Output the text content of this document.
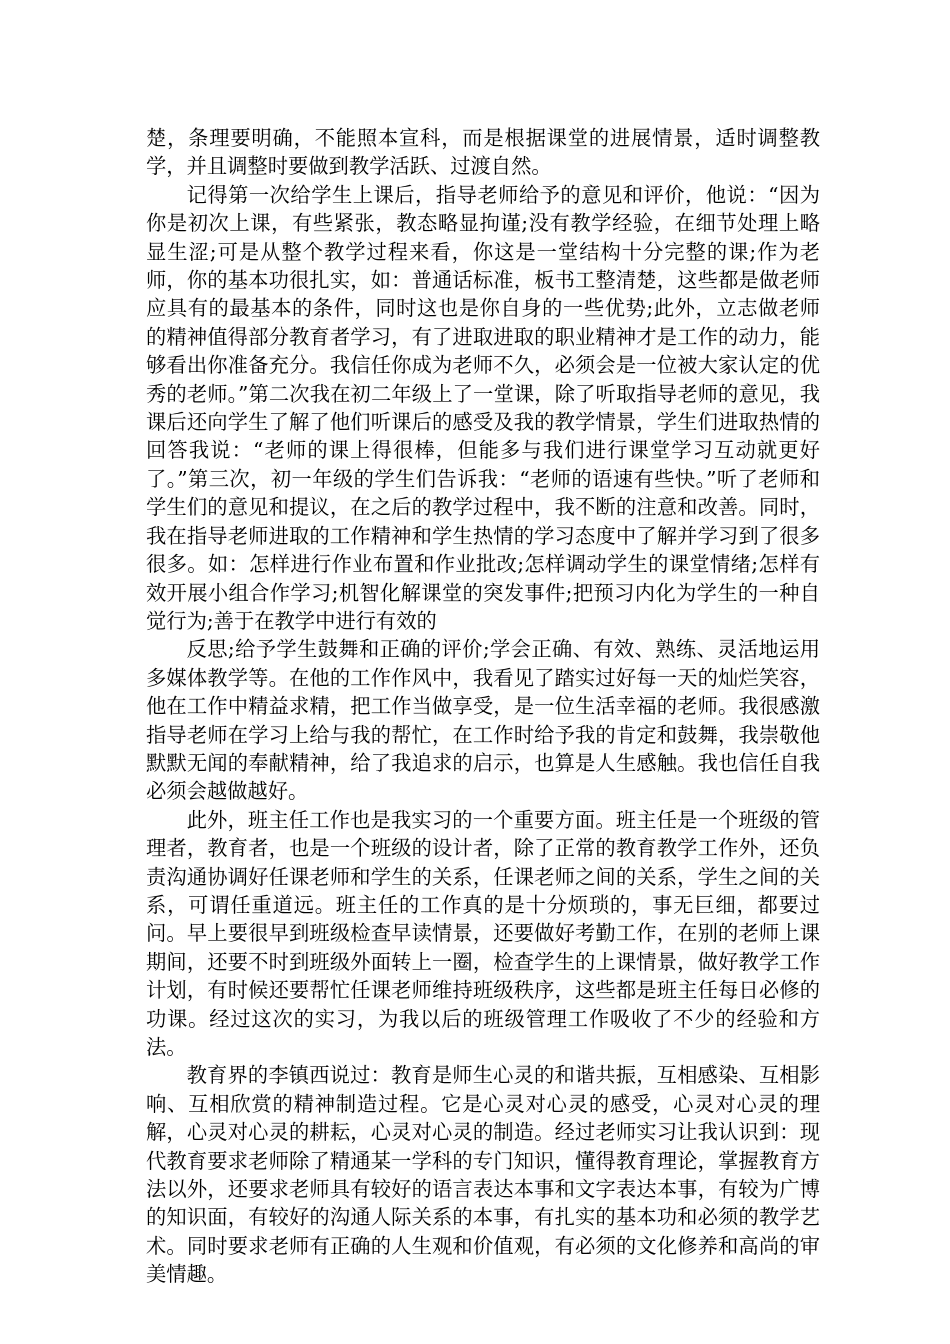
楚，条理要明确，不能照本宣科，而是根据课堂的进展情景，适时调整教学，并且调整时要做到教学活跃、过渡自然。

记得第一次给学生上课后，指导老师给予的意见和评价，他说：“因为你是初次上课，有些紧张，教态略显拘谨;没有教学经验，在细节处理上略显生涩;可是从整个教学过程来看，你这是一堂结构十分完整的课;作为老师，你的基本功很扎实，如：普通话标准，板书工整清楚，这些都是做老师应具有的最基本的条件，同时这也是你自身的一些优势;此外，立志做老师的精神值得部分教育者学习，有了进取进取的职业精神才是工作的动力，能够看出你准备充分。我信任你成为老师不久，必须会是一位被大家认定的优秀的老师。”第二次我在初二年级上了一堂课，除了听取指导老师的意见，我课后还向学生了解了他们听课后的感受及我的教学情景，学生们进取热情的回答我说：“老师的课上得很棒，但能多与我们进行课堂学习互动就更好了。”第三次，初一年级的学生们告诉我：“老师的语速有些快。”听了老师和学生们的意见和提议，在之后的教学过程中，我不断的注意和改善。同时，我在指导老师进取的工作精神和学生热情的学习态度中了解并学习到了很多很多。如：怎样进行作业布置和作业批改;怎样调动学生的课堂情绪;怎样有效开展小组合作学习;机智化解课堂的突发事件;把预习内化为学生的一种自觉行为;善于在教学中进行有效的

反思;给予学生鼓舞和正确的评价;学会正确、有效、熟练、灵活地运用多媒体教学等。在他的工作作风中，我看见了踏实过好每一天的灿烂笑容，他在工作中精益求精，把工作当做享受，是一位生活幸福的老师。我很感激指导老师在学习上给与我的帮忙，在工作时给予我的肯定和鼓舞，我崇敬他默默无闻的奉献精神，给了我追求的启示，也算是人生感触。我也信任自我必须会越做越好。

此外，班主任工作也是我实习的一个重要方面。班主任是一个班级的管理者，教育者，也是一个班级的设计者，除了正常的教育教学工作外，还负责沟通协调好任课老师和学生的关系，任课老师之间的关系，学生之间的关系，可谓任重道远。班主任的工作真的是十分烦琐的，事无巨细，都要过问。早上要很早到班级检查早读情景，还要做好考勤工作，在别的老师上课期间，还要不时到班级外面转上一圈，检查学生的上课情景，做好教学工作计划，有时候还要帮忙任课老师维持班级秩序，这些都是班主任每日必修的功课。经过这次的实习，为我以后的班级管理工作吸收了不少的经验和方法。

教育界的李镇西说过：教育是师生心灵的和谐共振，互相感染、互相影响、互相欣赏的精神制造过程。它是心灵对心灵的感受，心灵对心灵的理解，心灵对心灵的耕耘，心灵对心灵的制造。经过老师实习让我认识到：现代教育要求老师除了精通某一学科的专门知识，懂得教育理论，掌握教育方法以外，还要求老师具有较好的语言表达本事和文字表达本事，有较为广博的知识面，有较好的沟通人际关系的本事，有扎实的基本功和必须的教学艺术。同时要求老师有正确的人生观和价值观，有必须的文化修养和高尚的审美情趣。
